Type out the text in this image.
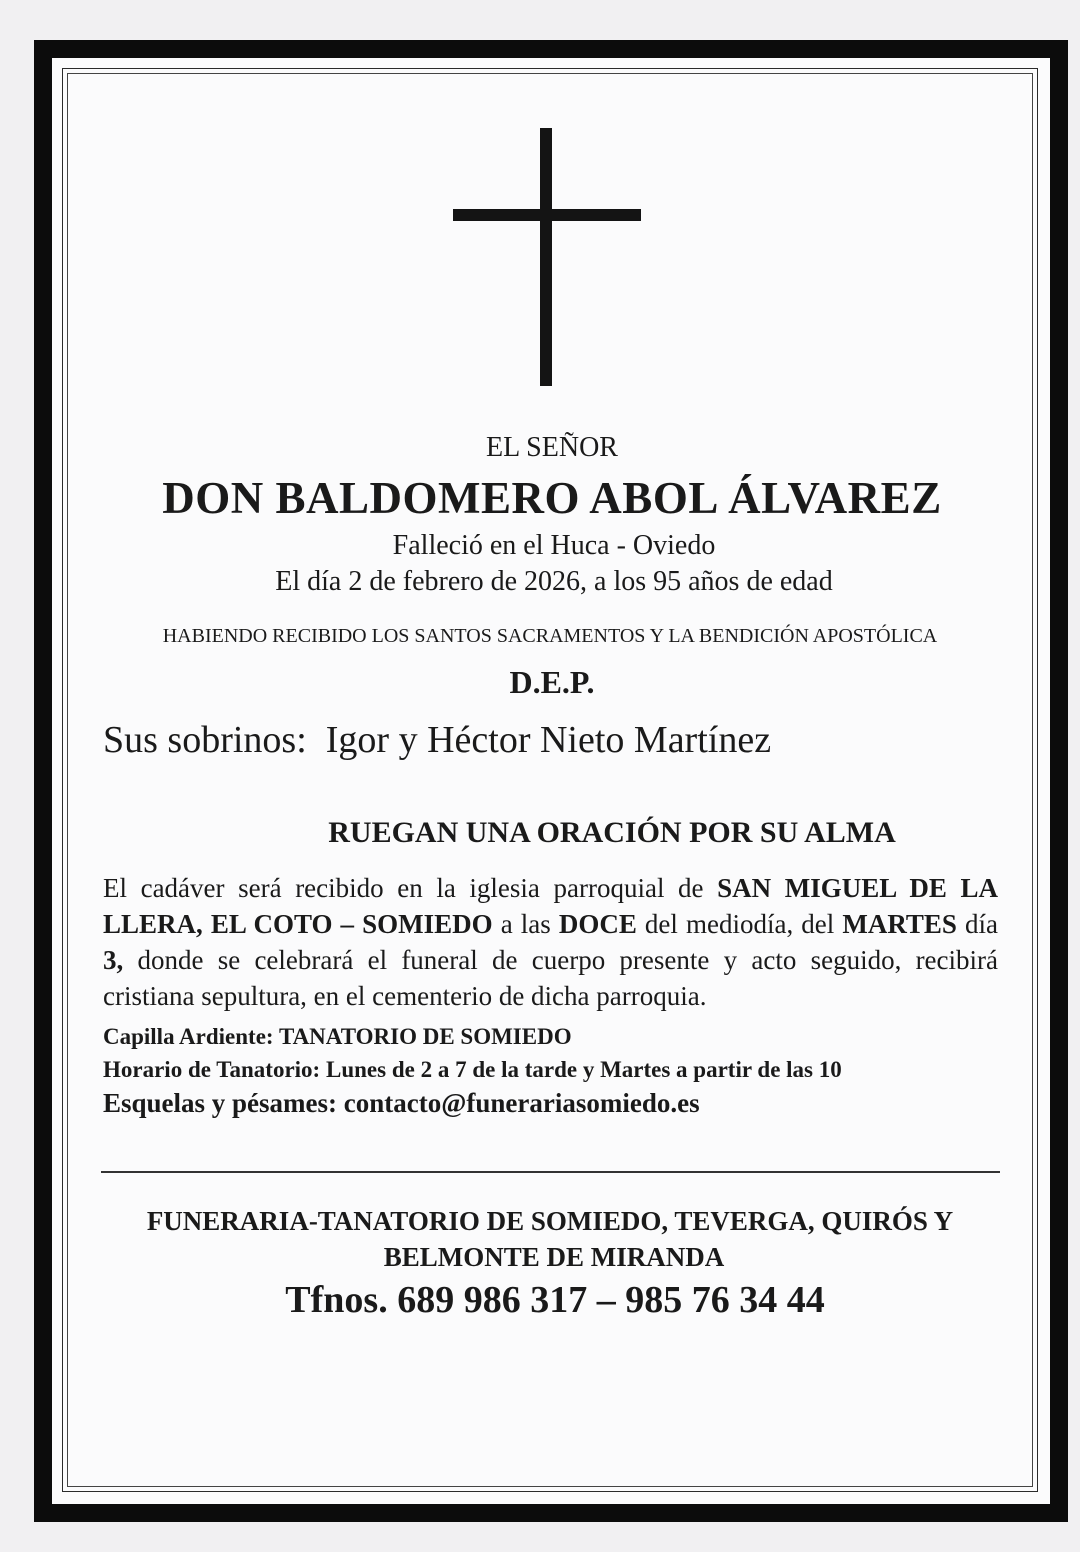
EL SEÑOR
DON BALDOMERO ABOL ÁLVAREZ
Falleció en el Huca - Oviedo
El día 2 de febrero de 2026, a los 95 años de edad
HABIENDO RECIBIDO LOS SANTOS SACRAMENTOS Y LA BENDICIÓN APOSTÓLICA
D.E.P.
Sus sobrinos: Igor y Héctor Nieto Martínez
RUEGAN UNA ORACIÓN POR SU ALMA
El cadáver será recibido en la iglesia parroquial de SAN MIGUEL DE LA LLERA, EL COTO – SOMIEDO a las DOCE del mediodía, del MARTES día 3, donde se celebrará el funeral de cuerpo presente y acto seguido, recibirá cristiana sepultura, en el cementerio de dicha parroquia.
Capilla Ardiente: TANATORIO DE SOMIEDO
Horario de Tanatorio: Lunes de 2 a 7 de la tarde y Martes a partir de las 10
Esquelas y pésames: contacto@funerariasomiedo.es
FUNERARIA-TANATORIO DE SOMIEDO, TEVERGA, QUIRÓS Y
BELMONTE DE MIRANDA
Tfnos. 689 986 317 – 985 76 34 44
